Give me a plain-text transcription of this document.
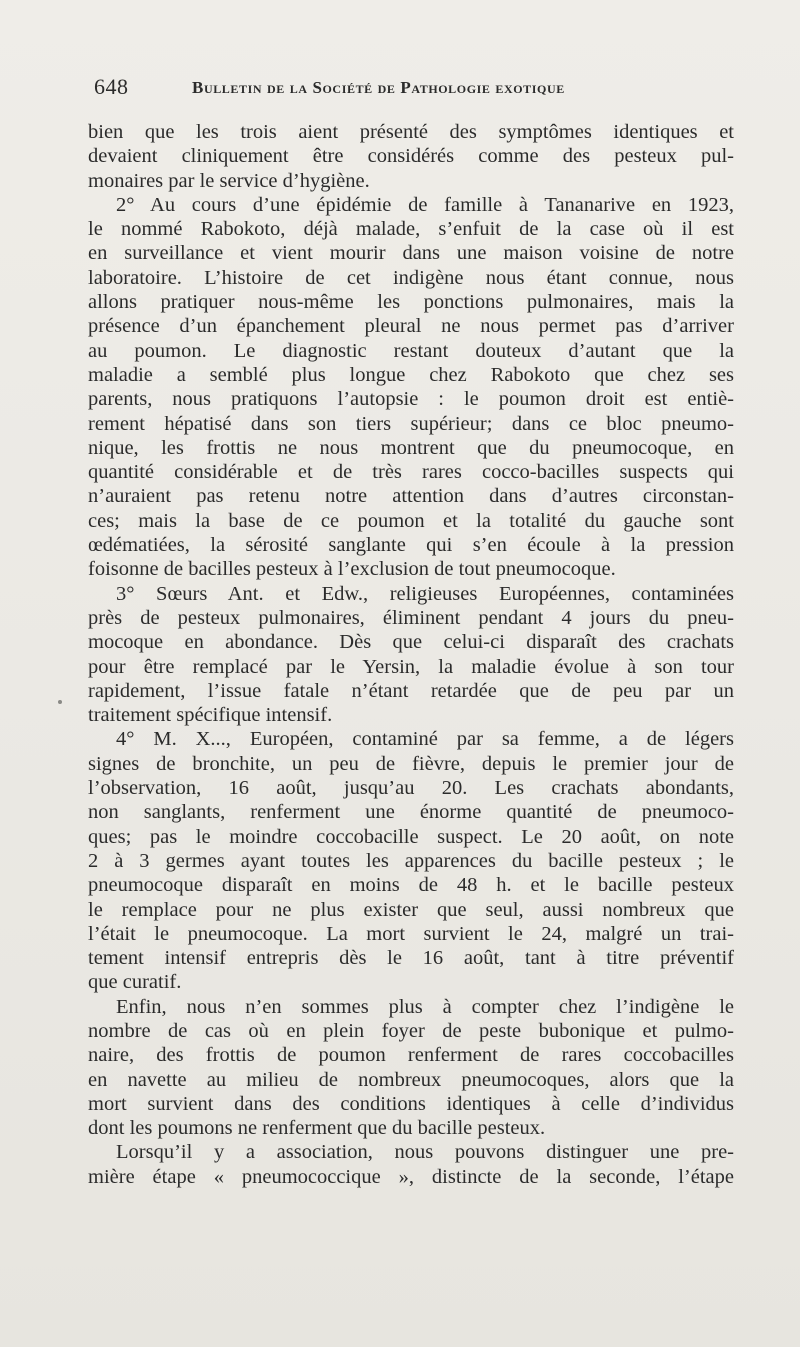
648	Bulletin de la Société de Pathologie exotique
bien que les trois aient présenté des symptômes identiques et
devaient cliniquement être considérés comme des pesteux pul-
monaires par le service d’hygiène.
2° Au cours d’une épidémie de famille à Tananarive en 1923,
le nommé Rabokoto, déjà malade, s’enfuit de la case où il est
en surveillance et vient mourir dans une maison voisine de notre
laboratoire. L’histoire de cet indigène nous étant connue, nous
allons pratiquer nous-même les ponctions pulmonaires, mais la
présence d’un épanchement pleural ne nous permet pas d’arriver
au poumon. Le diagnostic restant douteux d’autant que la
maladie a semblé plus longue chez Rabokoto que chez ses
parents, nous pratiquons l’autopsie : le poumon droit est entiè-
rement hépatisé dans son tiers supérieur; dans ce bloc pneumo-
nique, les frottis ne nous montrent que du pneumocoque, en
quantité considérable et de très rares cocco-bacilles suspects qui
n’auraient pas retenu notre attention dans d’autres circonstan-
ces; mais la base de ce poumon et la totalité du gauche sont
œdématiées, la sérosité sanglante qui s’en écoule à la pression
foisonne de bacilles pesteux à l’exclusion de tout pneumocoque.
3° Sœurs Ant. et Edw., religieuses Européennes, contaminées
près de pesteux pulmonaires, éliminent pendant 4 jours du pneu-
mocoque en abondance. Dès que celui-ci disparaît des crachats
pour être remplacé par le Yersin, la maladie évolue à son tour
rapidement, l’issue fatale n’étant retardée que de peu par un
traitement spécifique intensif.
4° M. X..., Européen, contaminé par sa femme, a de légers
signes de bronchite, un peu de fièvre, depuis le premier jour de
l’observation, 16 août, jusqu’au 20. Les crachats abondants,
non sanglants, renferment une énorme quantité de pneumoco-
ques; pas le moindre coccobacille suspect. Le 20 août, on note
2 à 3 germes ayant toutes les apparences du bacille pesteux ; le
pneumocoque disparaît en moins de 48 h. et le bacille pesteux
le remplace pour ne plus exister que seul, aussi nombreux que
l’était le pneumocoque. La mort survient le 24, malgré un trai-
tement intensif entrepris dès le 16 août, tant à titre préventif
que curatif.
Enfin, nous n’en sommes plus à compter chez l’indigène le
nombre de cas où en plein foyer de peste bubonique et pulmo-
naire, des frottis de poumon renferment de rares coccobacilles
en navette au milieu de nombreux pneumocoques, alors que la
mort survient dans des conditions identiques à celle d’individus
dont les poumons ne renferment que du bacille pesteux.
Lorsqu’il y a association, nous pouvons distinguer une pre-
mière étape « pneumococcique », distincte de la seconde, l’étape
